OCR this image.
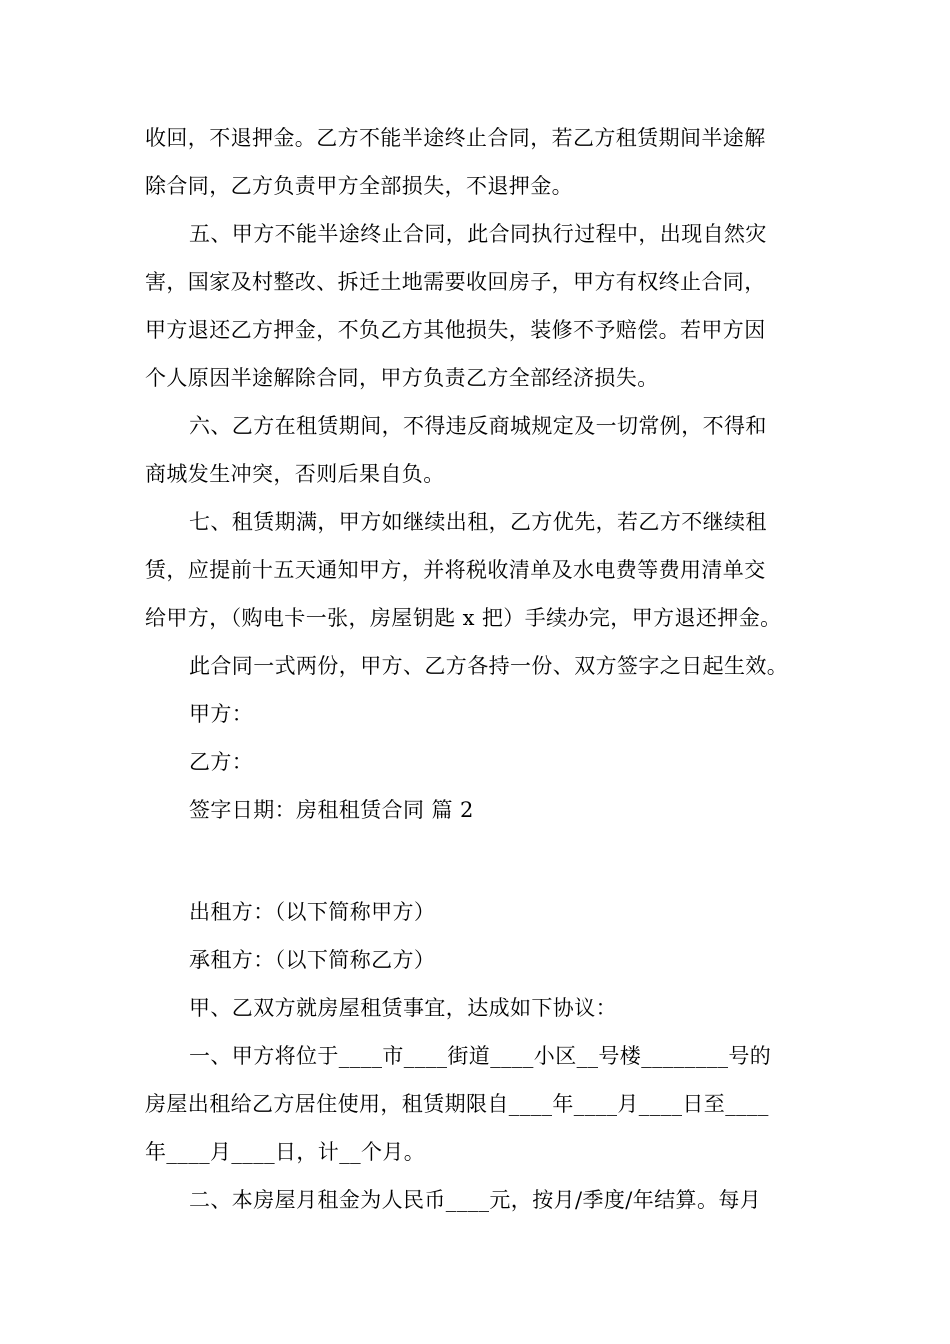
收回，不退押金。乙方不能半途终止合同，若乙方租赁期间半途解
除合同，乙方负责甲方全部损失，不退押金。
五、甲方不能半途终止合同，此合同执行过程中，出现自然灾
害，国家及村整改、拆迁土地需要收回房子，甲方有权终止合同，
甲方退还乙方押金，不负乙方其他损失，装修不予赔偿。若甲方因
个人原因半途解除合同，甲方负责乙方全部经济损失。
六、乙方在租赁期间，不得违反商城规定及一切常例，不得和
商城发生冲突，否则后果自负。
七、租赁期满，甲方如继续出租，乙方优先，若乙方不继续租
赁，应提前十五天通知甲方，并将税收清单及水电费等费用清单交
给甲方，（购电卡一张，房屋钥匙 x 把）手续办完，甲方退还押金。
此合同一式两份，甲方、乙方各持一份、双方签字之日起生效。
甲方：
乙方：
签字日期：房租租赁合同 篇 2
出租方：（以下简称甲方）
承租方：（以下简称乙方）
甲、乙双方就房屋租赁事宜，达成如下协议：
一、甲方将位于____市____街道____小区__号楼________号的
房屋出租给乙方居住使用，租赁期限自____年____月____日至____
年____月____日，计__个月。
二、本房屋月租金为人民币____元，按月/季度/年结算。每月
